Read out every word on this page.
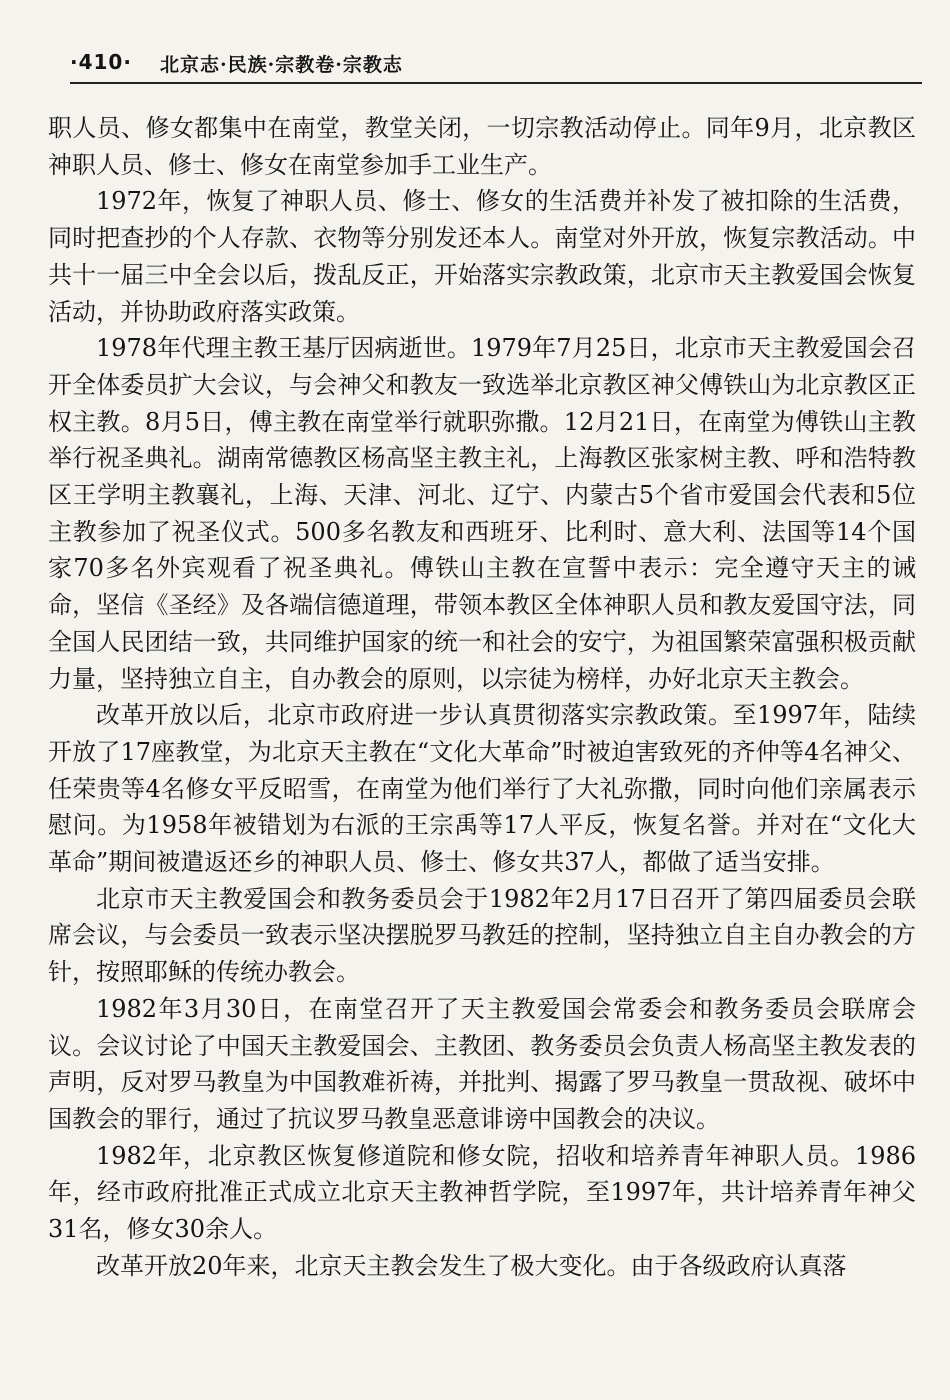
·410· 北京志·民族·宗教卷·宗教志

职人员、修女都集中在南堂，教堂关闭，一切宗教活动停止。同年9月，北京教区神职人员、修士、修女在南堂参加手工业生产。

1972年，恢复了神职人员、修士、修女的生活费并补发了被扣除的生活费，同时把查抄的个人存款、衣物等分别发还本人。南堂对外开放，恢复宗教活动。中共十一届三中全会以后，拨乱反正，开始落实宗教政策，北京市天主教爱国会恢复活动，并协助政府落实政策。

1978年代理主教王基厅因病逝世。1979年7月25日，北京市天主教爱国会召开全体委员扩大会议，与会神父和教友一致选举北京教区神父傅铁山为北京教区正权主教。8月5日，傅主教在南堂举行就职弥撒。12月21日，在南堂为傅铁山主教举行祝圣典礼。湖南常德教区杨高坚主教主礼，上海教区张家树主教、呼和浩特教区王学明主教襄礼，上海、天津、河北、辽宁、内蒙古5个省市爱国会代表和5位主教参加了祝圣仪式。500多名教友和西班牙、比利时、意大利、法国等14个国家70多名外宾观看了祝圣典礼。傅铁山主教在宣誓中表示：完全遵守天主的诫命，坚信《圣经》及各端信德道理，带领本教区全体神职人员和教友爱国守法，同全国人民团结一致，共同维护国家的统一和社会的安宁，为祖国繁荣富强积极贡献力量，坚持独立自主，自办教会的原则，以宗徒为榜样，办好北京天主教会。

改革开放以后，北京市政府进一步认真贯彻落实宗教政策。至1997年，陆续开放了17座教堂，为北京天主教在“文化大革命”时被迫害致死的齐仲等4名神父、任荣贵等4名修女平反昭雪，在南堂为他们举行了大礼弥撒，同时向他们亲属表示慰问。为1958年被错划为右派的王宗禹等17人平反，恢复名誉。并对在“文化大革命”期间被遣返还乡的神职人员、修士、修女共37人，都做了适当安排。

北京市天主教爱国会和教务委员会于1982年2月17日召开了第四届委员会联席会议，与会委员一致表示坚决摆脱罗马教廷的控制，坚持独立自主自办教会的方针，按照耶稣的传统办教会。

1982年3月30日，在南堂召开了天主教爱国会常委会和教务委员会联席会议。会议讨论了中国天主教爱国会、主教团、教务委员会负责人杨高坚主教发表的声明，反对罗马教皇为中国教难祈祷，并批判、揭露了罗马教皇一贯敌视、破坏中国教会的罪行，通过了抗议罗马教皇恶意诽谤中国教会的决议。

1982年，北京教区恢复修道院和修女院，招收和培养青年神职人员。1986年，经市政府批准正式成立北京天主教神哲学院，至1997年，共计培养青年神父31名，修女30余人。

改革开放20年来，北京天主教会发生了极大变化。由于各级政府认真落
